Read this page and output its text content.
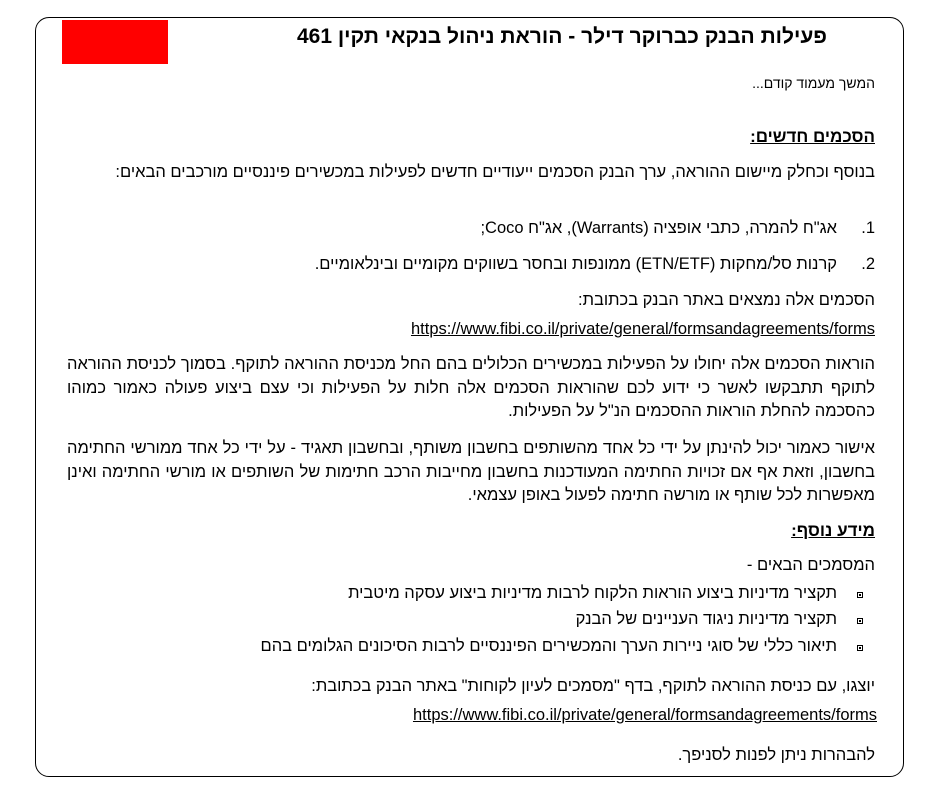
פעילות הבנק כברוקר דילר - הוראת ניהול בנקאי תקין 461
המשך מעמוד קודם...
הסכמים חדשים:
בנוסף וכחלק מיישום ההוראה, ערך הבנק הסכמים ייעודיים חדשים לפעילות במכשירים פיננסיים מורכבים הבאים:
1.
אג"ח להמרה, כתבי אופציה (Warrants), אג"ח Coco;
2.
קרנות סל/מחקות (ETN/ETF) ממונפות ובחסר בשווקים מקומיים ובינלאומיים.
הסכמים אלה נמצאים באתר הבנק בכתובת:
https://www.fibi.co.il/private/general/formsandagreements/forms
הוראות הסכמים אלה יחולו על הפעילות במכשירים הכלולים בהם החל מכניסת ההוראה לתוקף. בסמוך לכניסת ההוראה לתוקף תתבקשו לאשר כי ידוע לכם שהוראות הסכמים אלה חלות על הפעילות וכי עצם ביצוע פעולה כאמור כמוהו כהסכמה להחלת הוראות ההסכמים הנ"ל על הפעילות.
אישור כאמור יכול להינתן על ידי כל אחד מהשותפים בחשבון משותף, ובחשבון תאגיד - על ידי כל אחד ממורשי החתימה בחשבון, וזאת אף אם זכויות החתימה המעודכנות בחשבון מחייבות הרכב חתימות של השותפים או מורשי החתימה ואינן מאפשרות לכל שותף או מורשה חתימה לפעול באופן עצמאי.
מידע נוסף:
המסמכים הבאים -
תקציר מדיניות ביצוע הוראות הלקוח לרבות מדיניות ביצוע עסקה מיטבית
תקציר מדיניות ניגוד העניינים של הבנק
תיאור כללי של סוגי ניירות הערך והמכשירים הפיננסיים לרבות הסיכונים הגלומים בהם
יוצגו, עם כניסת ההוראה לתוקף, בדף "מסמכים לעיון לקוחות" באתר הבנק בכתובת:
https://www.fibi.co.il/private/general/formsandagreements/forms
להבהרות ניתן לפנות לסניפך.
